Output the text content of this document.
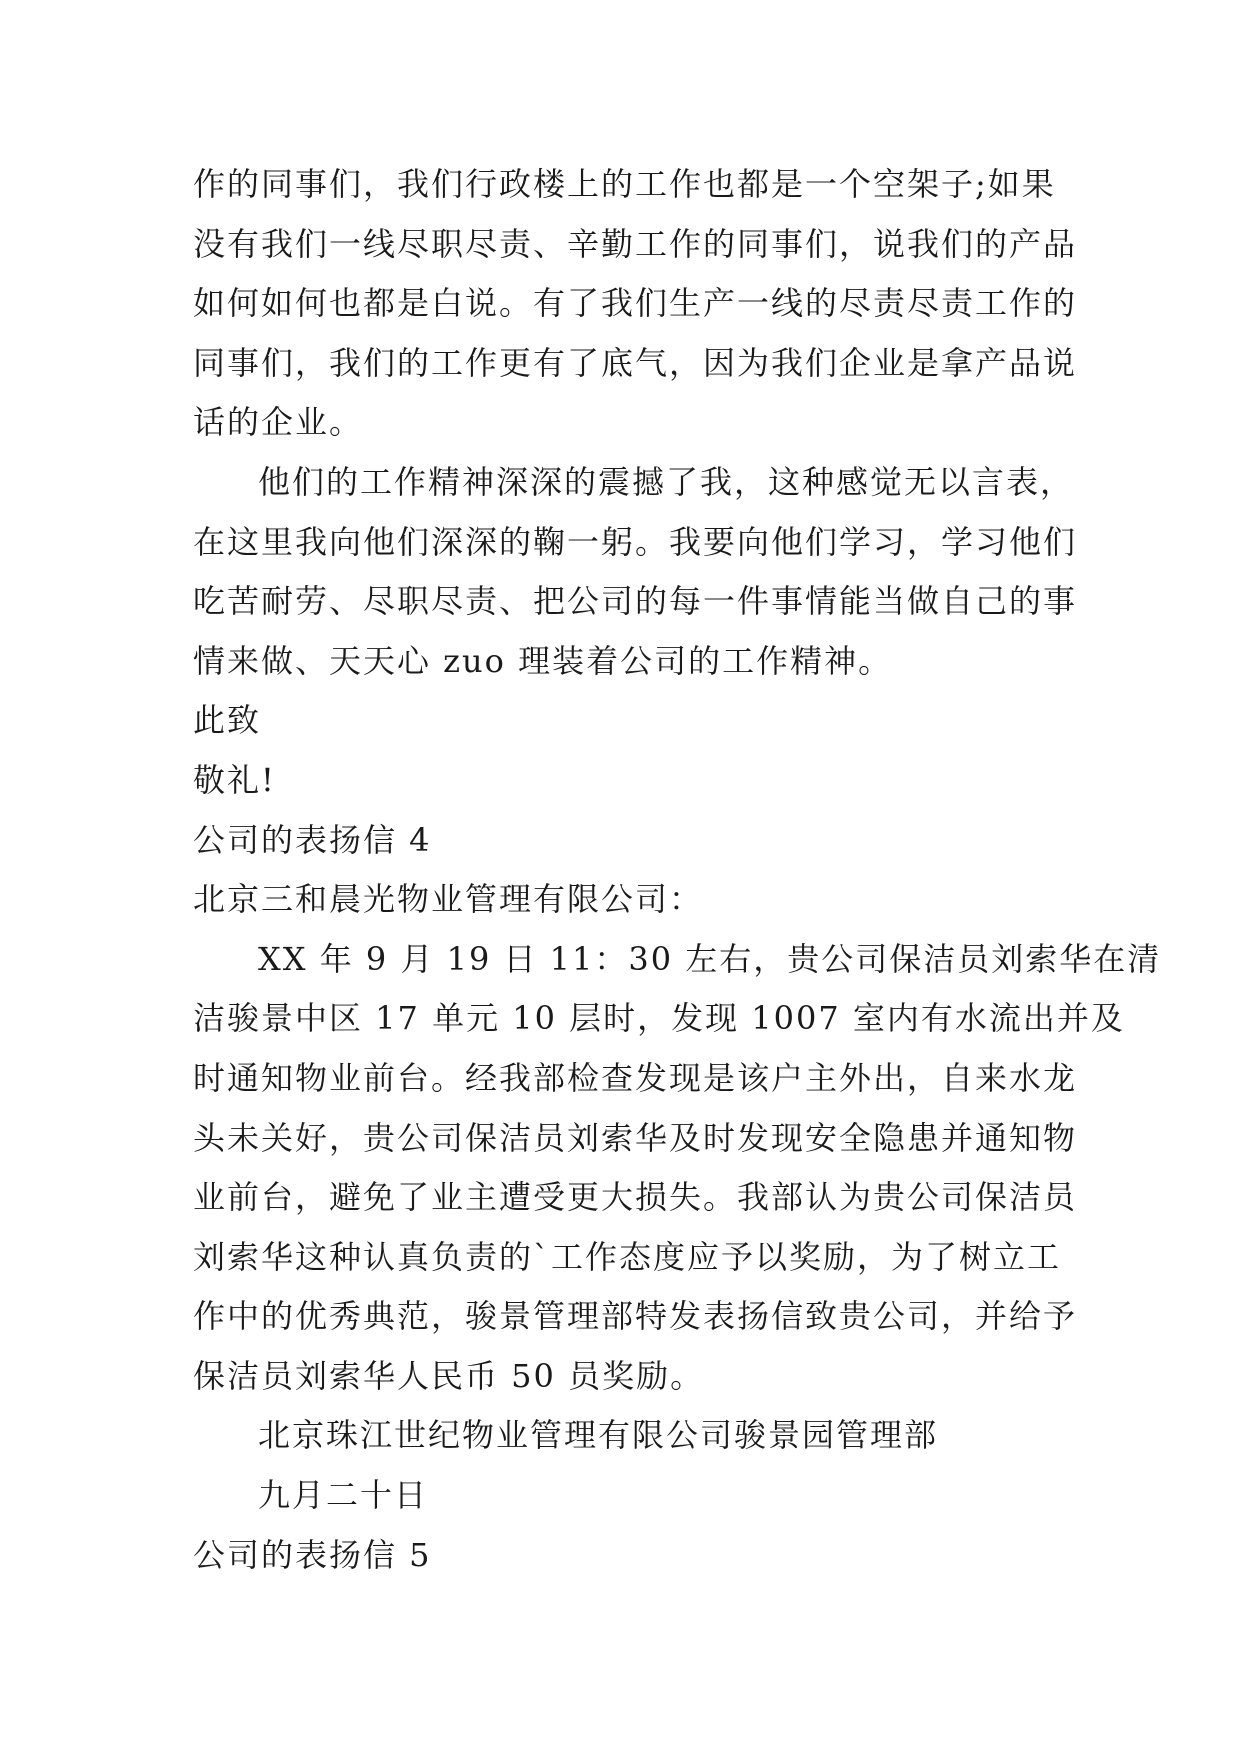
作的同事们，我们行政楼上的工作也都是一个空架子;如果
没有我们一线尽职尽责、辛勤工作的同事们，说我们的产品
如何如何也都是白说。有了我们生产一线的尽责尽责工作的
同事们，我们的工作更有了底气，因为我们企业是拿产品说
话的企业。
他们的工作精神深深的震撼了我，这种感觉无以言表，
在这里我向他们深深的鞠一躬。我要向他们学习，学习他们
吃苦耐劳、尽职尽责、把公司的每一件事情能当做自己的事
情来做、天天心 zuo 理装着公司的工作精神。
此致
敬礼!
公司的表扬信 4
北京三和晨光物业管理有限公司：
XX 年 9 月 19 日 11：30 左右，贵公司保洁员刘索华在清
洁骏景中区 17 单元 10 层时，发现 1007 室内有水流出并及
时通知物业前台。经我部检查发现是该户主外出，自来水龙
头未关好，贵公司保洁员刘索华及时发现安全隐患并通知物
业前台，避免了业主遭受更大损失。我部认为贵公司保洁员
刘索华这种认真负责的`工作态度应予以奖励，为了树立工
作中的优秀典范，骏景管理部特发表扬信致贵公司，并给予
保洁员刘索华人民币 50 员奖励。
北京珠江世纪物业管理有限公司骏景园管理部
九月二十日
公司的表扬信 5
